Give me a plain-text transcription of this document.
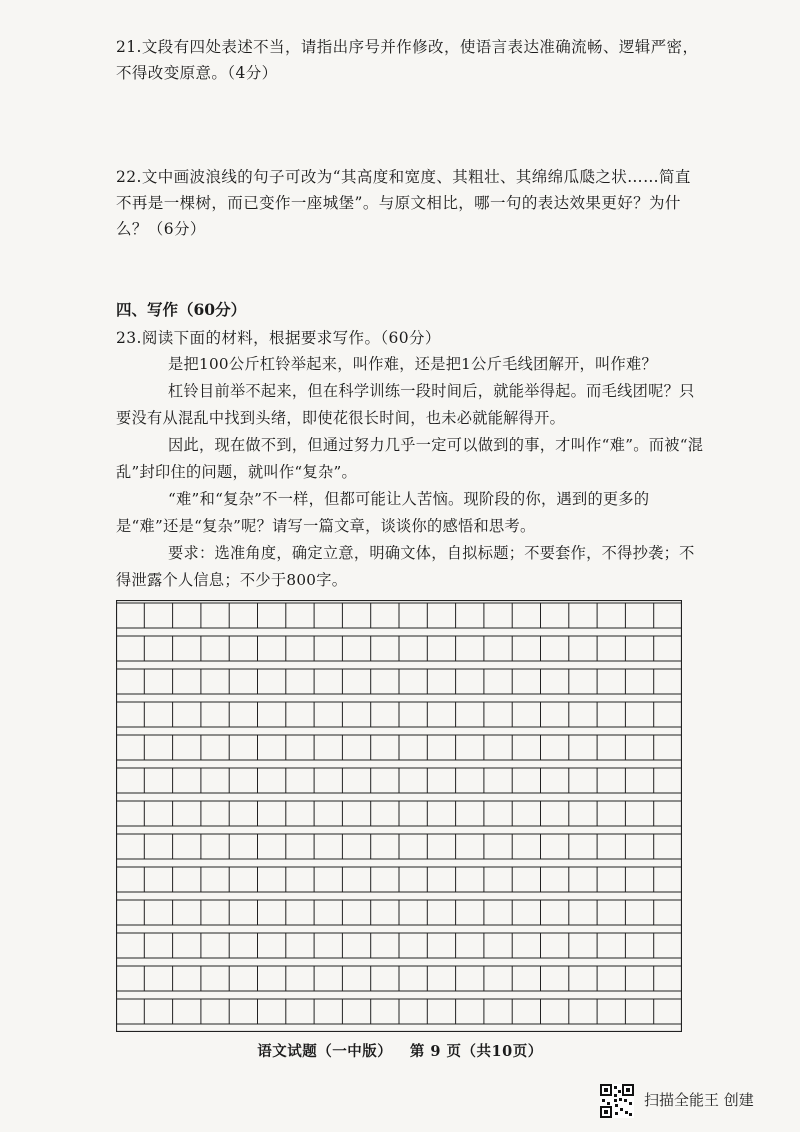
21.文段有四处表述不当，请指出序号并作修改，使语言表达准确流畅、逻辑严密，不得改变原意。（4分）
22.文中画波浪线的句子可改为“其高度和宽度、其粗壮、其绵绵瓜瓞之状……简直不再是一棵树，而已变作一座城堡”。与原文相比，哪一句的表达效果更好？为什么？（6分）
四、写作（60分）
23.阅读下面的材料，根据要求写作。（60分）
是把100公斤杠铃举起来，叫作难，还是把1公斤毛线团解开，叫作难？
杠铃目前举不起来，但在科学训练一段时间后，就能举得起。而毛线团呢？只要没有从混乱中找到头绪，即使花很长时间，也未必就能解得开。
因此，现在做不到，但通过努力几乎一定可以做到的事，才叫作“难”。而被“混乱”封印住的问题，就叫作“复杂”。
“难”和“复杂”不一样，但都可能让人苦恼。现阶段的你，遇到的更多的是“难”还是“复杂”呢？请写一篇文章，谈谈你的感悟和思考。
要求：选准角度，确定立意，明确文体，自拟标题；不要套作，不得抄袭；不得泄露个人信息；不少于800字。
语文试题（一中版） 第 9 页（共10页）
扫描全能王 创建
